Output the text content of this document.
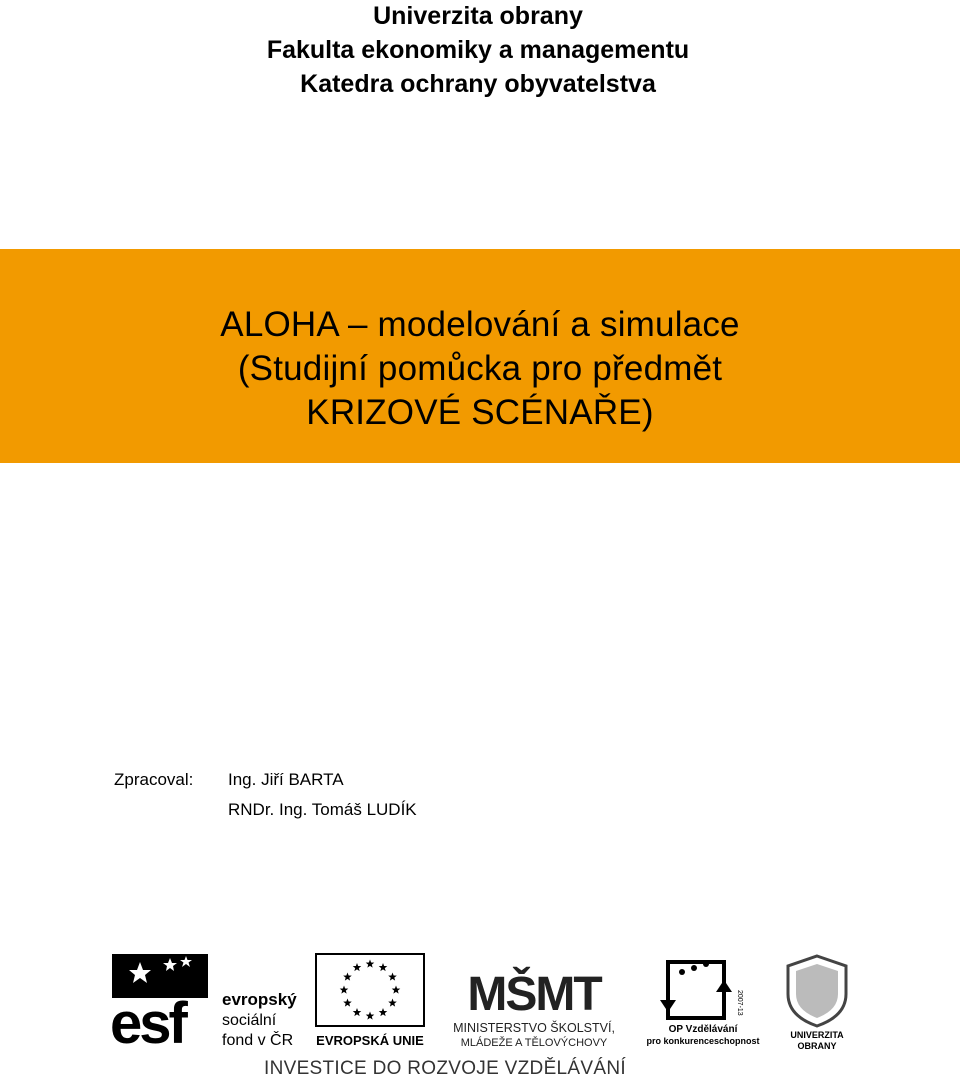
Univerzita obrany
Fakulta ekonomiky a managementu
Katedra ochrany obyvatelstva
ALOHA – modelování a simulace
(Studijní pomůcka pro předmět
KRIZOVÉ SCÉNAŘE)
Zpracoval: Ing. Jiří BARTA
RNDr. Ing. Tomáš LUDÍK
esf evropský
sociální
fond v ČR EVROPSKÁ UNIE
MŠMT
MINISTERSTVO ŠKOLSTVÍ,
MLÁDEŽE A TĚLOVÝCHOVY
2007-13
OP Vzdělávání
pro konkurenceschopnost
UNIVERZITA
OBRANY
INVESTICE DO ROZVOJE VZDĚLÁVÁNÍ
